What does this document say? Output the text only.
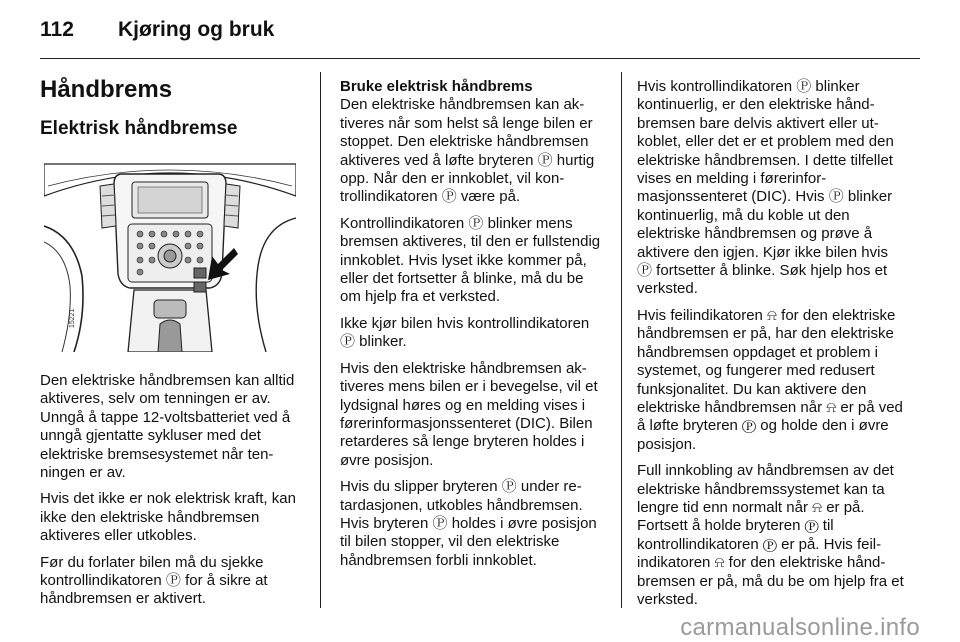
112 Kjøring og bruk
Håndbrems
Elektrisk håndbremse
15221

Den elektriske håndbremsen kan alltid aktiveres, selv om tenningen er av. Unngå å tappe 12-voltsbatteriet ved å unngå gjentatte sykluser med det elektriske bremsesystemet når tenningen er av.

Hvis det ikke er nok elektrisk kraft, kan ikke den elektriske håndbremsen aktiveres eller utkobles.

Før du forlater bilen må du sjekke kontrollindikatoren Ⓟ for å sikre at håndbremsen er aktivert.

Bruke elektrisk håndbrems

Den elektriske håndbremsen kan aktiveres når som helst så lenge bilen er stoppet. Den elektriske håndbremsen aktiveres ved å løfte bryteren Ⓟ hurtig opp. Når den er innkoblet, vil kontrollindikatoren Ⓟ være på.

Kontrollindikatoren Ⓟ blinker mens bremsen aktiveres, til den er fullstendig innkoblet. Hvis lyset ikke kommer på, eller det fortsetter å blinke, må du be om hjelp fra et verksted.

Ikke kjør bilen hvis kontrollindikatoren Ⓟ blinker.

Hvis den elektriske håndbremsen aktiveres mens bilen er i bevegelse, vil et lydsignal høres og en melding vises i førerinformasjonssenteret (DIC). Bilen retarderes så lenge bryteren holdes i øvre posisjon.

Hvis du slipper bryteren Ⓟ under retardasjonen, utkobles håndbremsen. Hvis bryteren Ⓟ holdes i øvre posisjon til bilen stopper, vil den elektriske håndbremsen forbli innkoblet.

Hvis kontrollindikatoren Ⓟ blinker kontinuerlig, er den elektriske håndbremsen bare delvis aktivert eller utkoblet, eller det er et problem med den elektriske håndbremsen. I dette tilfellet vises en melding i førerinformasjonssenteret (DIC). Hvis Ⓟ blinker kontinuerlig, må du koble ut den elektriske håndbremsen og prøve å aktivere den igjen. Kjør ikke bilen hvis Ⓟ fortsetter å blinke. Søk hjelp hos et verksted.

Hvis feilindikatoren ⍾ for den elektriske håndbremsen er på, har den elektriske håndbremsen oppdaget et problem i systemet, og fungerer med redusert funksjonalitet. Du kan aktivere den elektriske håndbremsen når ⍾ er på ved å løfte bryteren Ⓟ og holde den i øvre posisjon.

Full innkobling av håndbremsen av det elektriske håndbremssystemet kan ta lengre tid enn normalt når ⍾ er på. Fortsett å holde bryteren Ⓟ til kontrollindikatoren Ⓟ er på. Hvis feilindikatoren ⍾ for den elektriske håndbremsen er på, må du be om hjelp fra et verksted.

carmanualsonline.info
